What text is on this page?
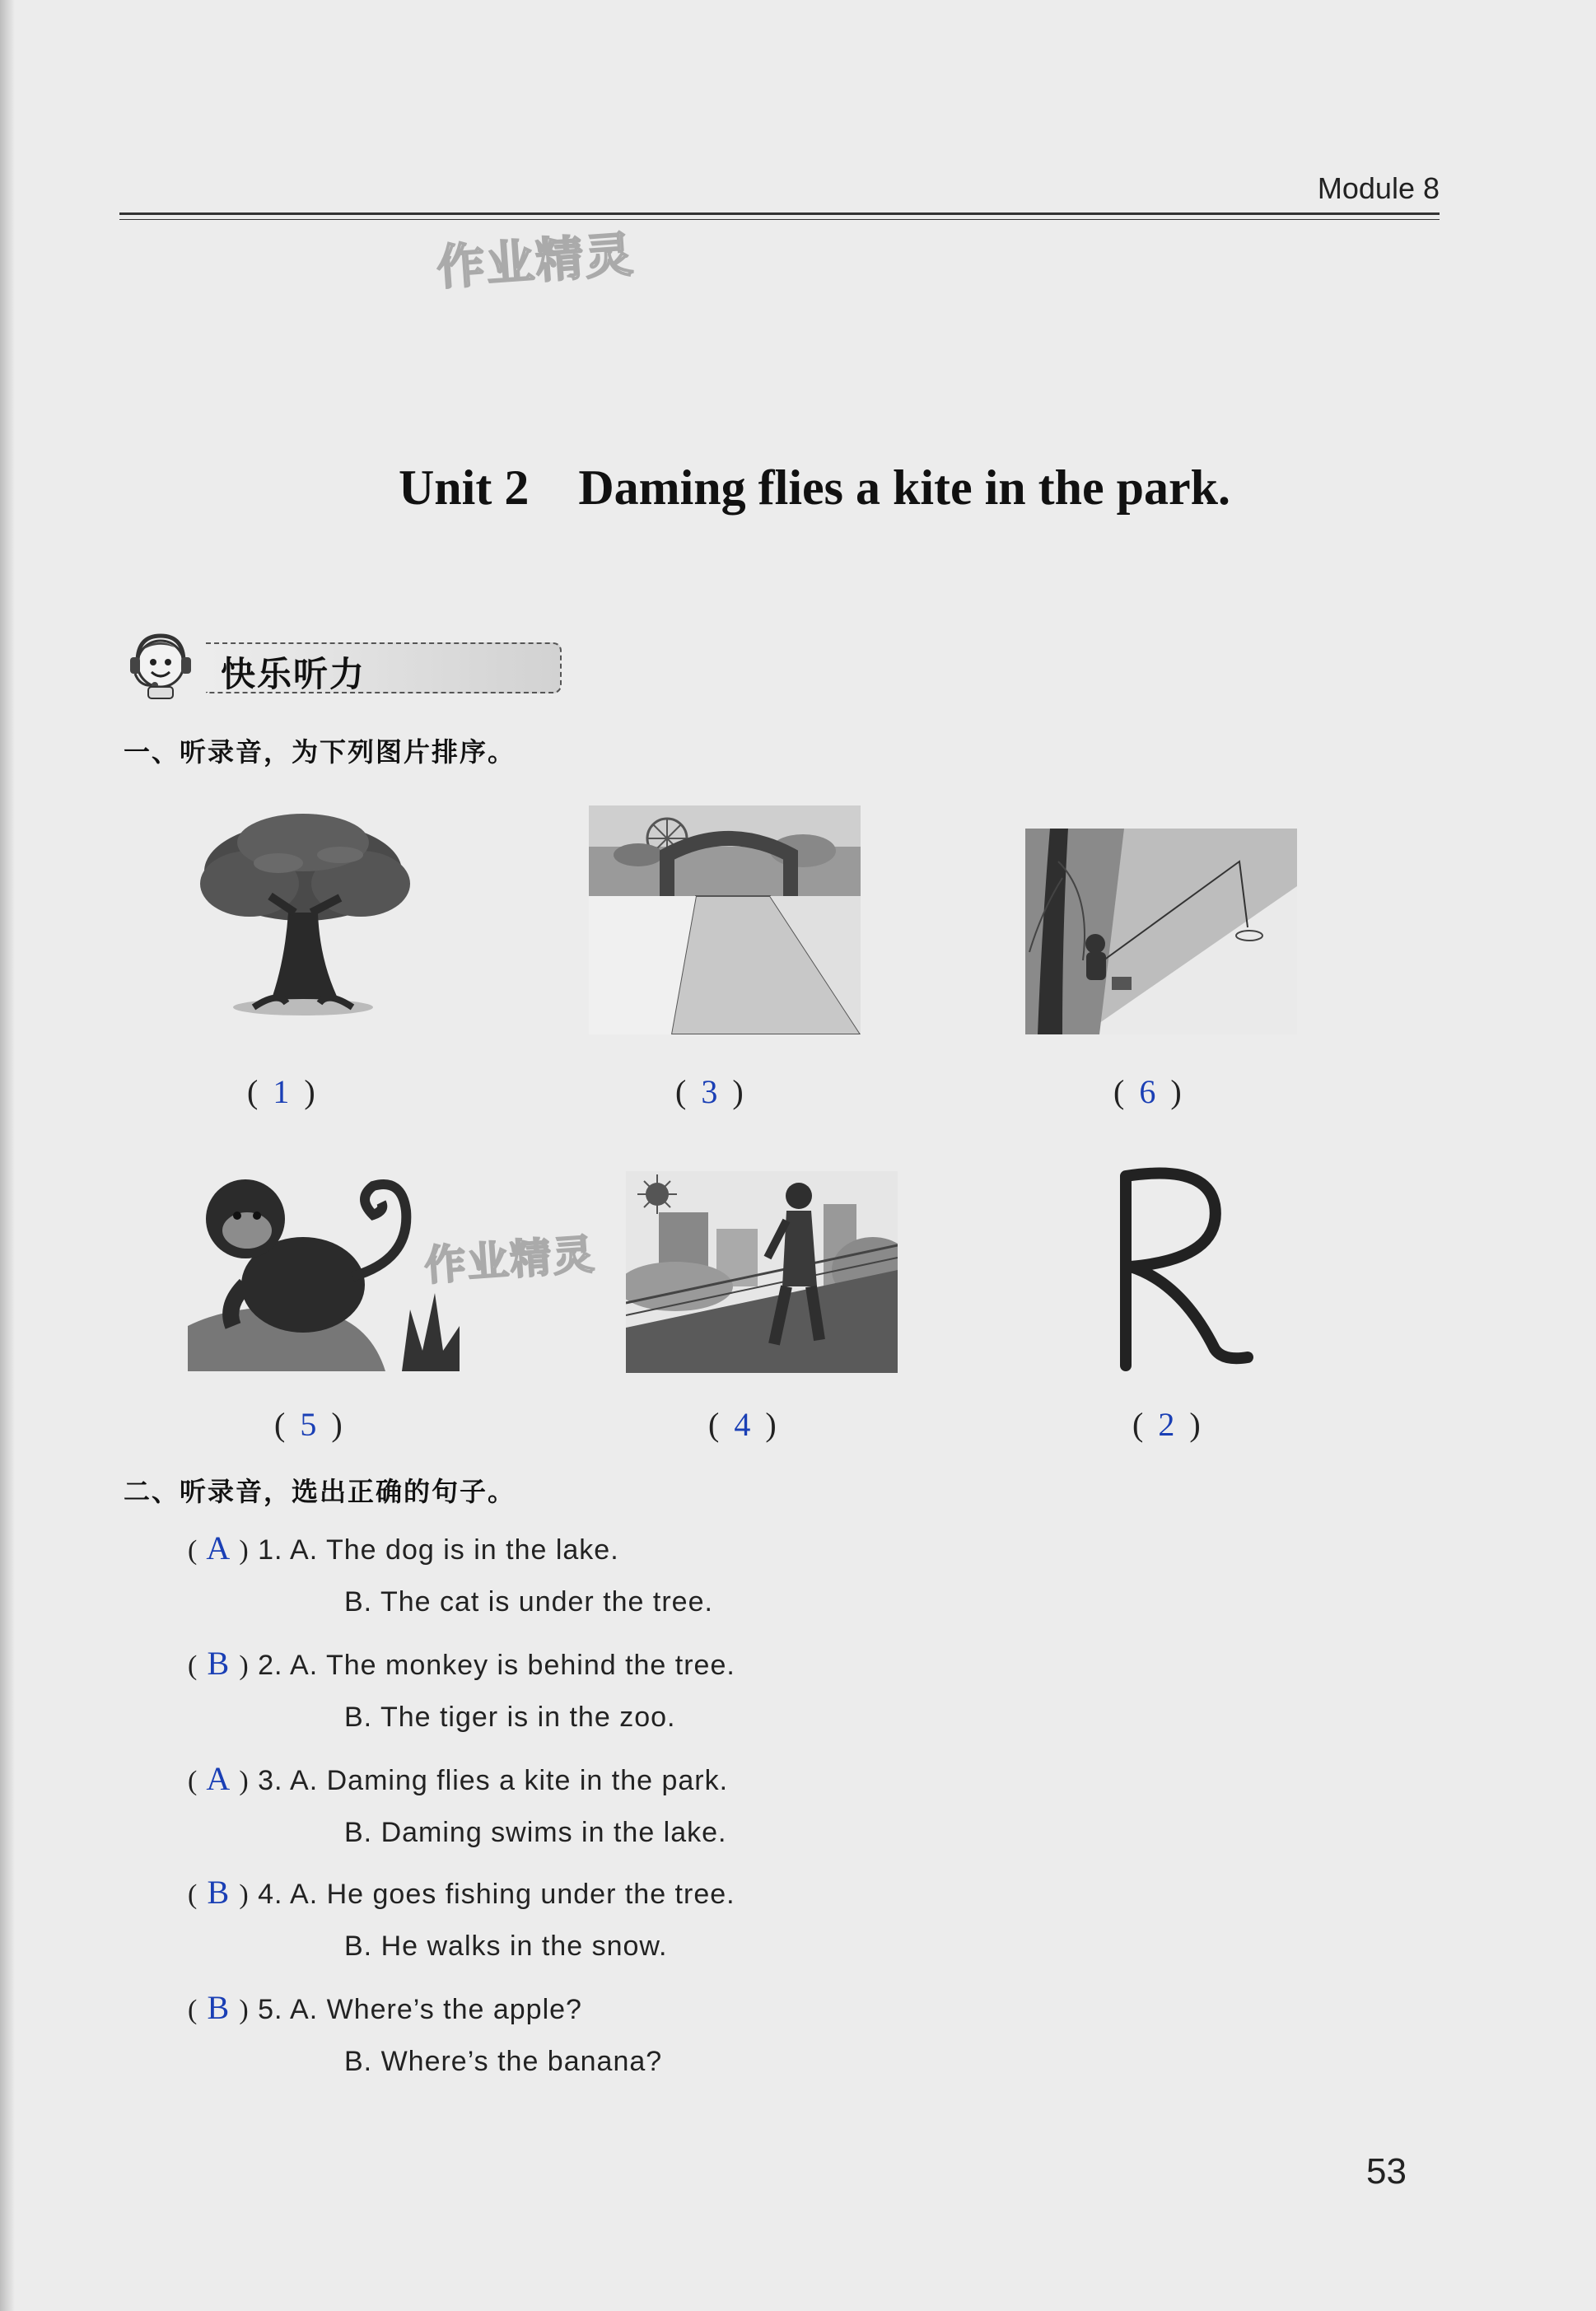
Module 8
作业精灵
Unit 2    Daming flies a kite in the park.
快乐听力
一、听录音，为下列图片排序。
( 1 )	( 3 )	( 6 )
( 5 )	( 4 )
作业精灵
( 2 )
二、听录音，选出正确的句子。
( A ) 1. A. The dog is in the lake.
B. The cat is under the tree.
( B ) 2. A. The monkey is behind the tree.
B. The tiger is in the zoo.
( A ) 3. A. Daming flies a kite in the park.
B. Daming swims in the lake.
( B ) 4. A. He goes fishing under the tree.
B. He walks in the snow.
( B ) 5. A. Where’s the apple?
B. Where’s the banana?
53
